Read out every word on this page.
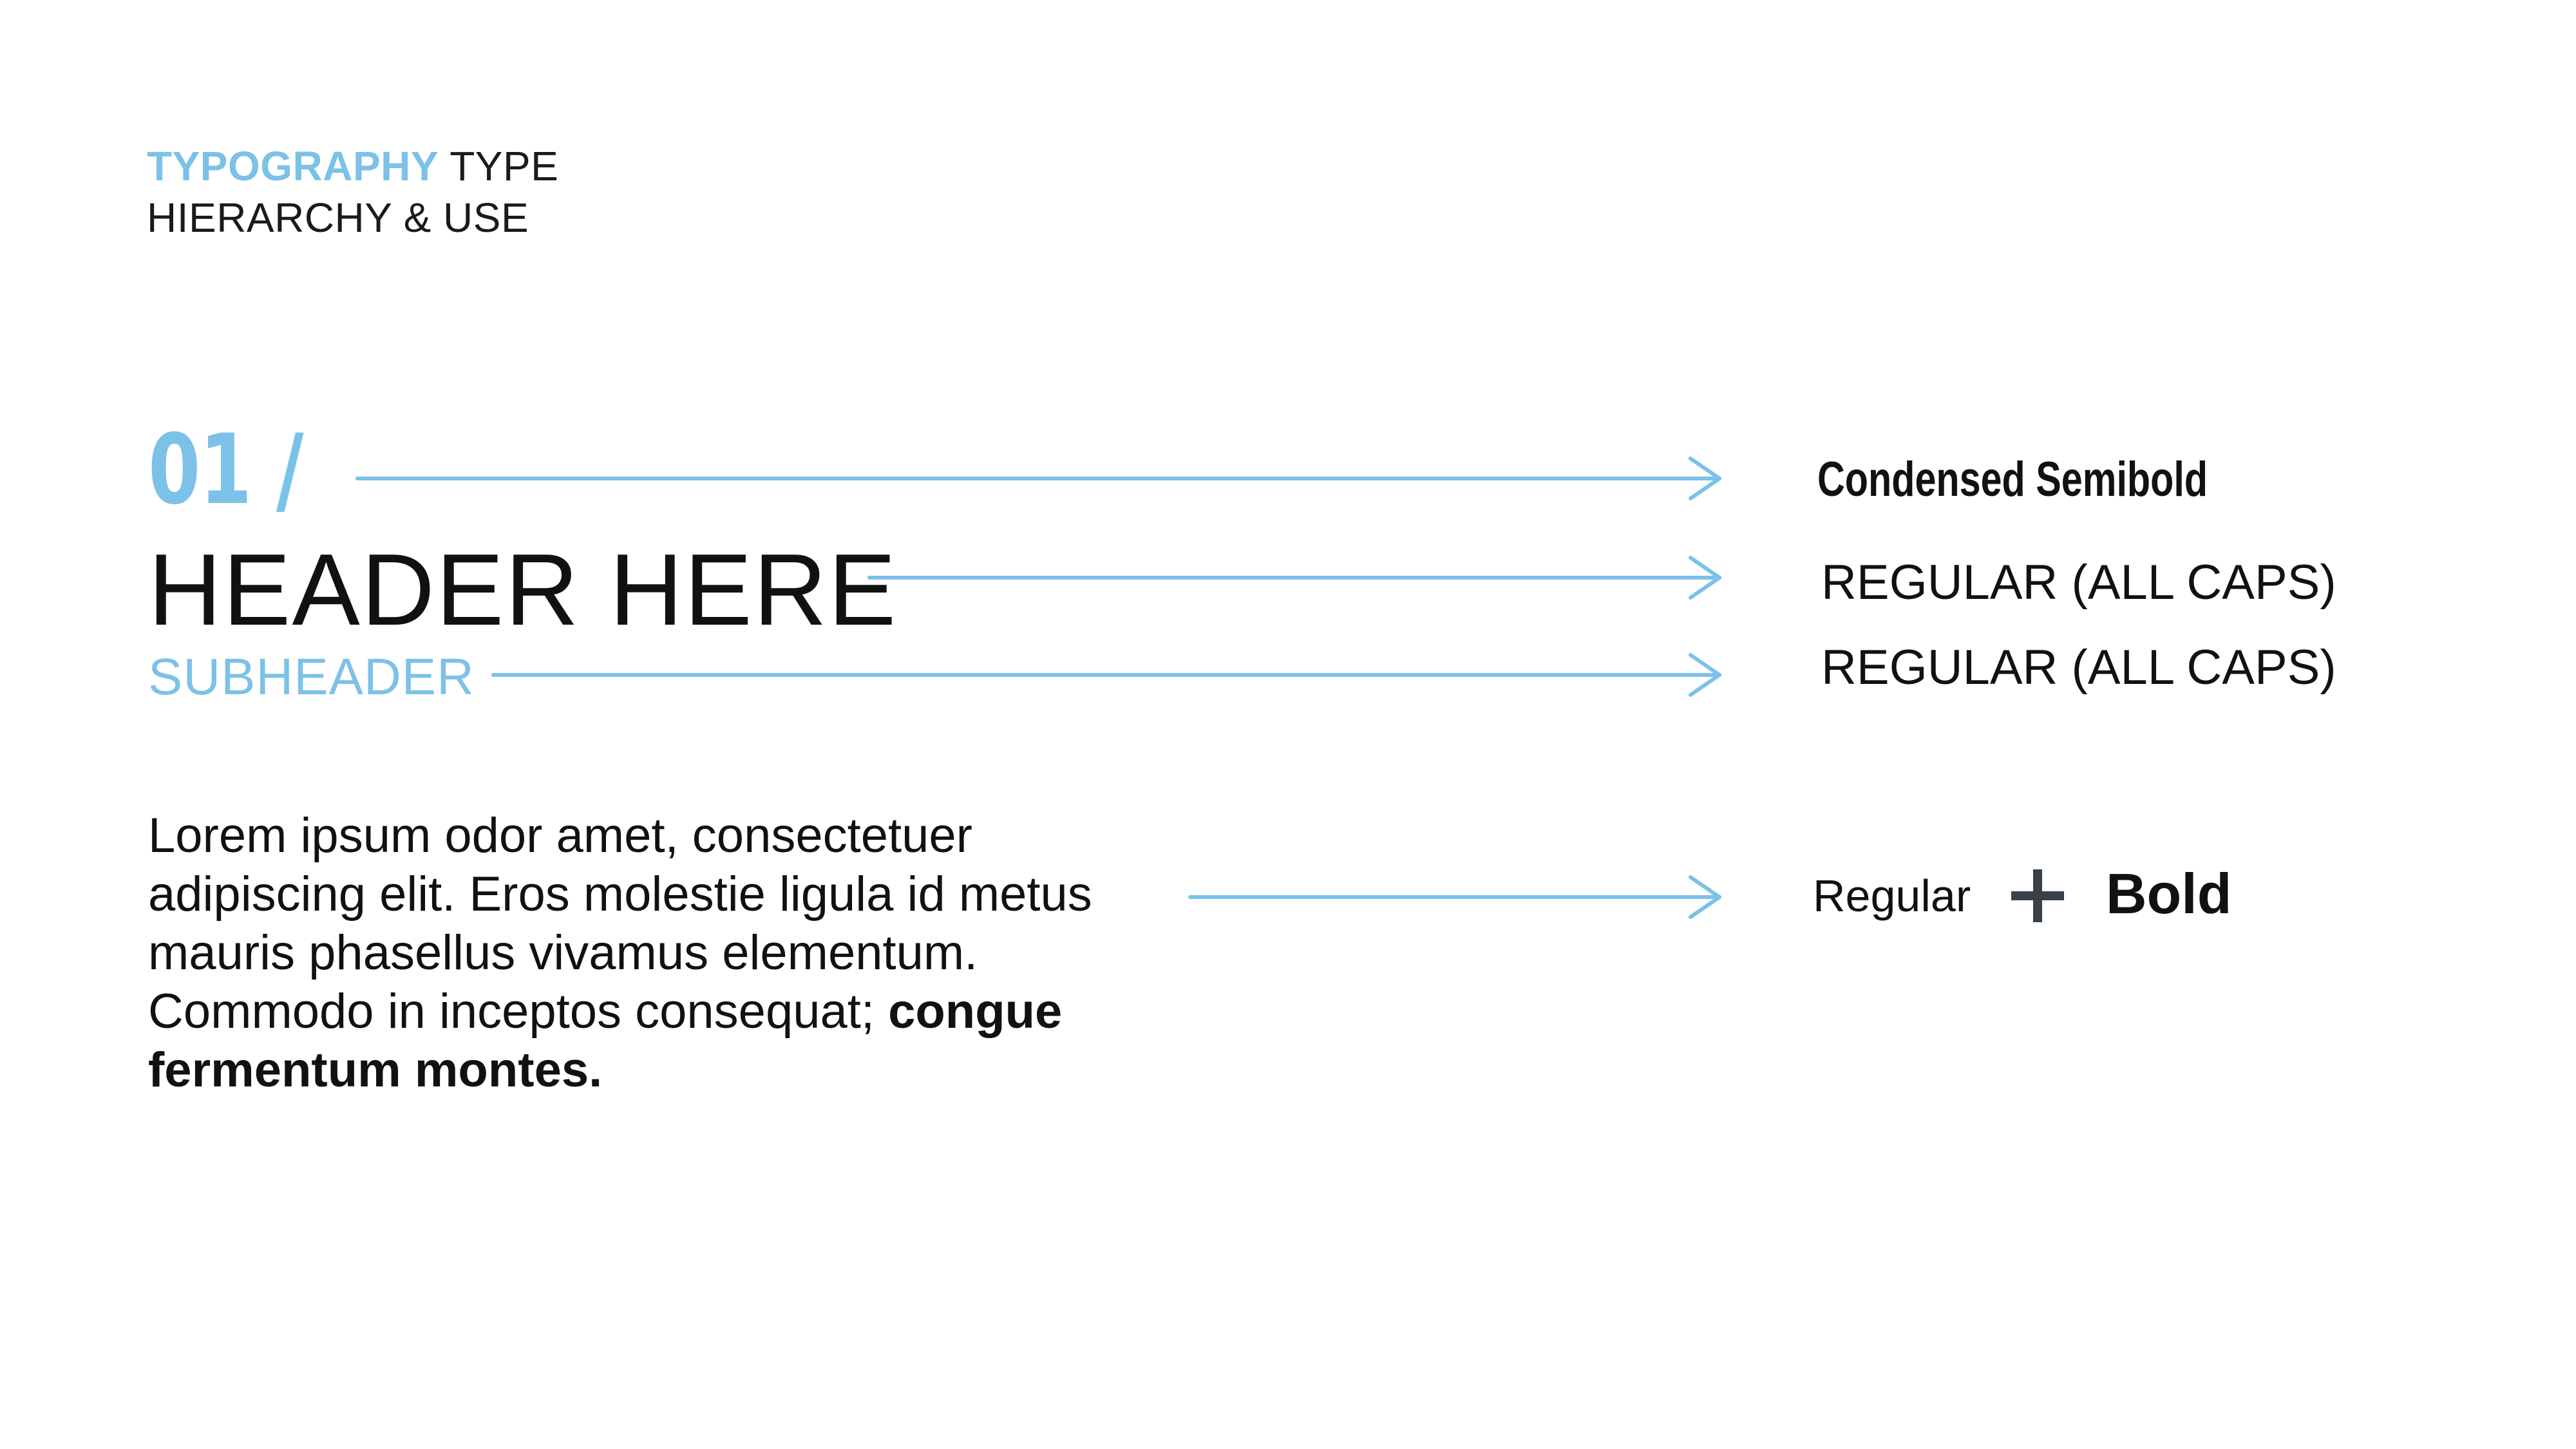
TYPOGRAPHY TYPE
HIERARCHY & USE
01 /
HEADER HERE
SUBHEADER
Lorem ipsum odor amet, consectetuer adipiscing elit. Eros molestie ligula id metus mauris phasellus vivamus elementum. Commodo in inceptos consequat; congue fermentum montes.
Condensed Semibold
REGULAR (ALL CAPS)
REGULAR (ALL CAPS)
Regular Bold
